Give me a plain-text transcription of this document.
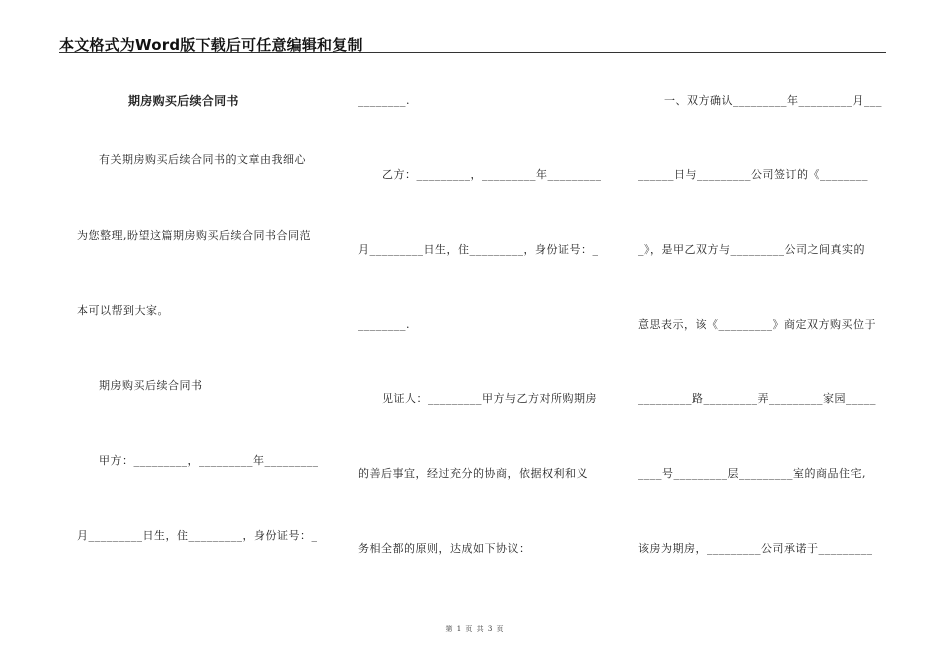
本文格式为Word版下载后可任意编辑和复制
期房购买后续合同书
有关期房购买后续合同书的文章由我细心
为您整理,盼望这篇期房购买后续合同书合同范
本可以帮到大家。
期房购买后续合同书
甲方：_________，_________年_________
月_________日生，住_________，身份证号：_
________.
乙方：_________，_________年_________
月_________日生，住_________，身份证号：_
________.
见证人：_________甲方与乙方对所购期房
的善后事宜，经过充分的协商，依据权利和义
务相全都的原则，达成如下协议：
一、双方确认_________年_________月___
______日与_________公司签订的《________
_》，是甲乙双方与_________公司之间真实的
意思表示，该《_________》商定双方购买位于
_________路_________弄_________家园_____
____号_________层_________室的商品住宅,
该房为期房，_________公司承诺于_________
第 1 页 共 3 页
